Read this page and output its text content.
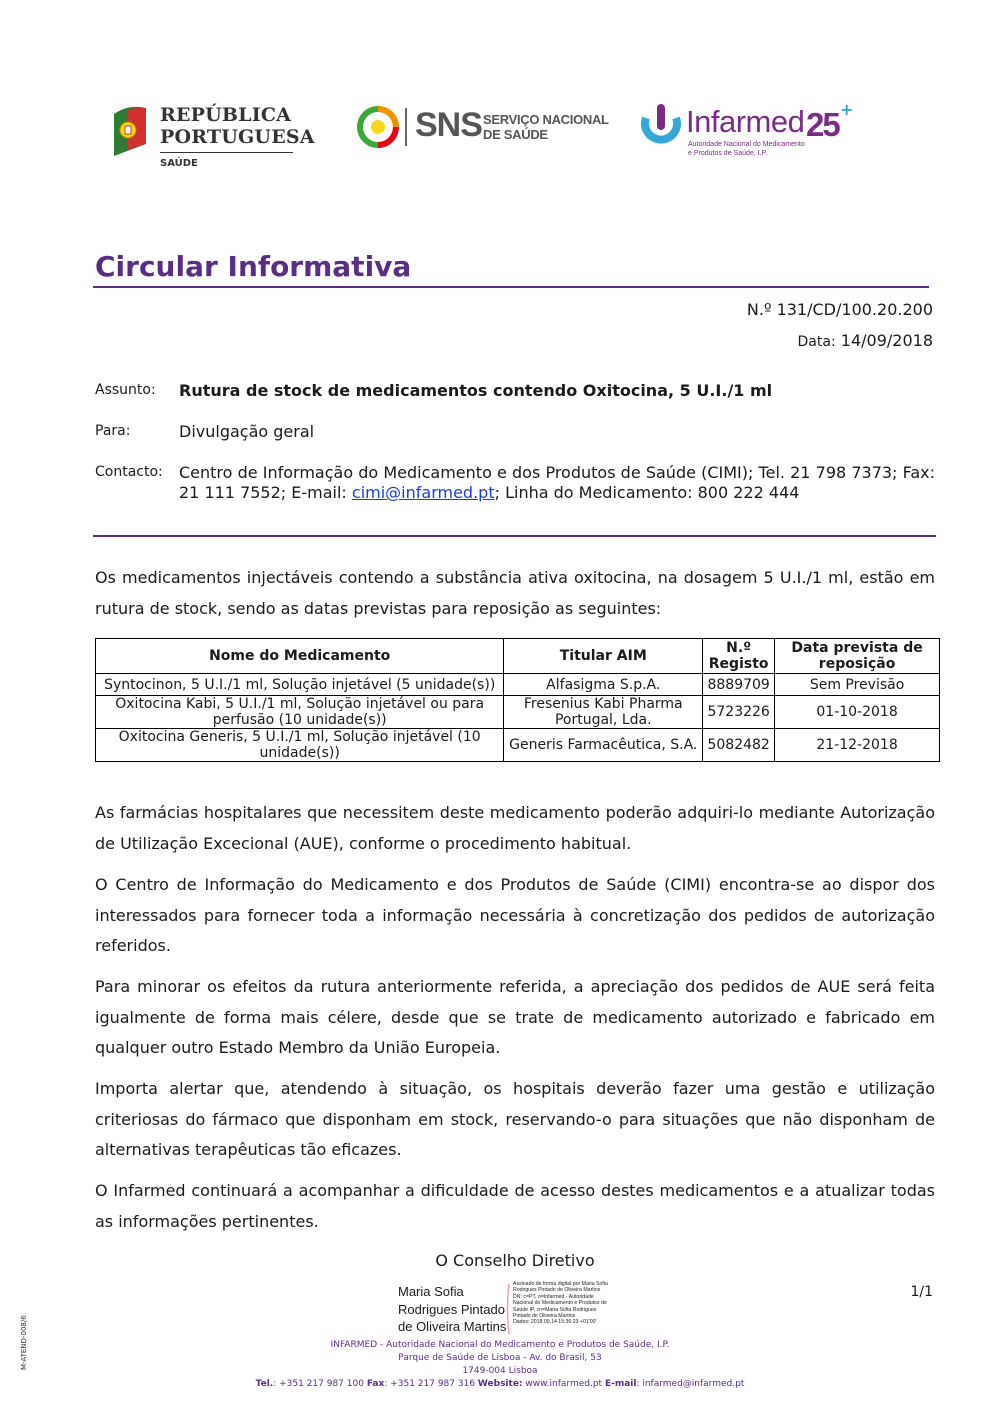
REPÚBLICA
PORTUGUESA
SAÚDE
SNS SERVIÇO NACIONAL
DE SAÚDE	Infarmed 25 +
Autoridade Nacional do Medicamento
e Produtos de Saúde, I.P.
Circular Informativa
N.º 131/CD/100.20.200
Data: 14/09/2018
Assunto: Rutura de stock de medicamentos contendo Oxitocina, 5 U.I./1 ml
Para:	Divulgação geral
Contacto: Centro de Informação do Medicamento e dos Produtos de Saúde (CIMI); Tel. 21 798 7373; Fax: 21 111 7552; E-mail: cimi@infarmed.pt; Linha do Medicamento: 800 222 444
Os medicamentos injectáveis contendo a substância ativa oxitocina, na dosagem 5 U.I./1 ml, estão em rutura de stock, sendo as datas previstas para reposição as seguintes:
Nome do Medicamento	Titular AIM	N.º Registo	Data prevista de reposição
Syntocinon, 5 U.I./1 ml, Solução injetável (5 unidade(s))	Alfasigma S.p.A.	8889709	Sem Previsão
Oxitocina Kabi, 5 U.I./1 ml, Solução injetável ou para perfusão (10 unidade(s))	Fresenius Kabi Pharma Portugal, Lda.	5723226	01-10-2018
Oxitocina Generis, 5 U.I./1 ml, Solução injetável (10 unidade(s))	Generis Farmacêutica, S.A.	5082482	21-12-2018
As farmácias hospitalares que necessitem deste medicamento poderão adquiri-lo mediante Autorização de Utilização Excecional (AUE), conforme o procedimento habitual.
O Centro de Informação do Medicamento e dos Produtos de Saúde (CIMI) encontra-se ao dispor dos interessados para fornecer toda a informação necessária à concretização dos pedidos de autorização referidos.
Para minorar os efeitos da rutura anteriormente referida, a apreciação dos pedidos de AUE será feita igualmente de forma mais célere, desde que se trate de medicamento autorizado e fabricado em qualquer outro Estado Membro da União Europeia.
Importa alertar que, atendendo à situação, os hospitais deverão fazer uma gestão e utilização criteriosas do fármaco que disponham em stock, reservando-o para situações que não disponham de alternativas terapêuticas tão eficazes.
O Infarmed continuará a acompanhar a dificuldade de acesso destes medicamentos e a atualizar todas as informações pertinentes.
O Conselho Diretivo
Maria Sofia
Rodrigues Pintado
de Oliveira Martins
Assinado de forma digital por Maria Sofia
Rodrigues Pintado de Oliveira Martins
DN: c=PT, o=Infarmed - Autoridade
Nacional do Medicamento e Produtos de
Saúde IP, cn=Maria Sofia Rodrigues
Pintado de Oliveira Martins
Dados: 2018.09.14 15:36:23 +01'00'
1/1
M-ATEND-008/6	INFARMED - Autoridade Nacional do Medicamento e Produtos de Saúde, I.P.
Parque de Saúde de Lisboa - Av. do Brasil, 53
1749-004 Lisboa
Tel.: +351 217 987 100 Fax: +351 217 987 316 Website: www.infarmed.pt E-mail: infarmed@infarmed.pt
